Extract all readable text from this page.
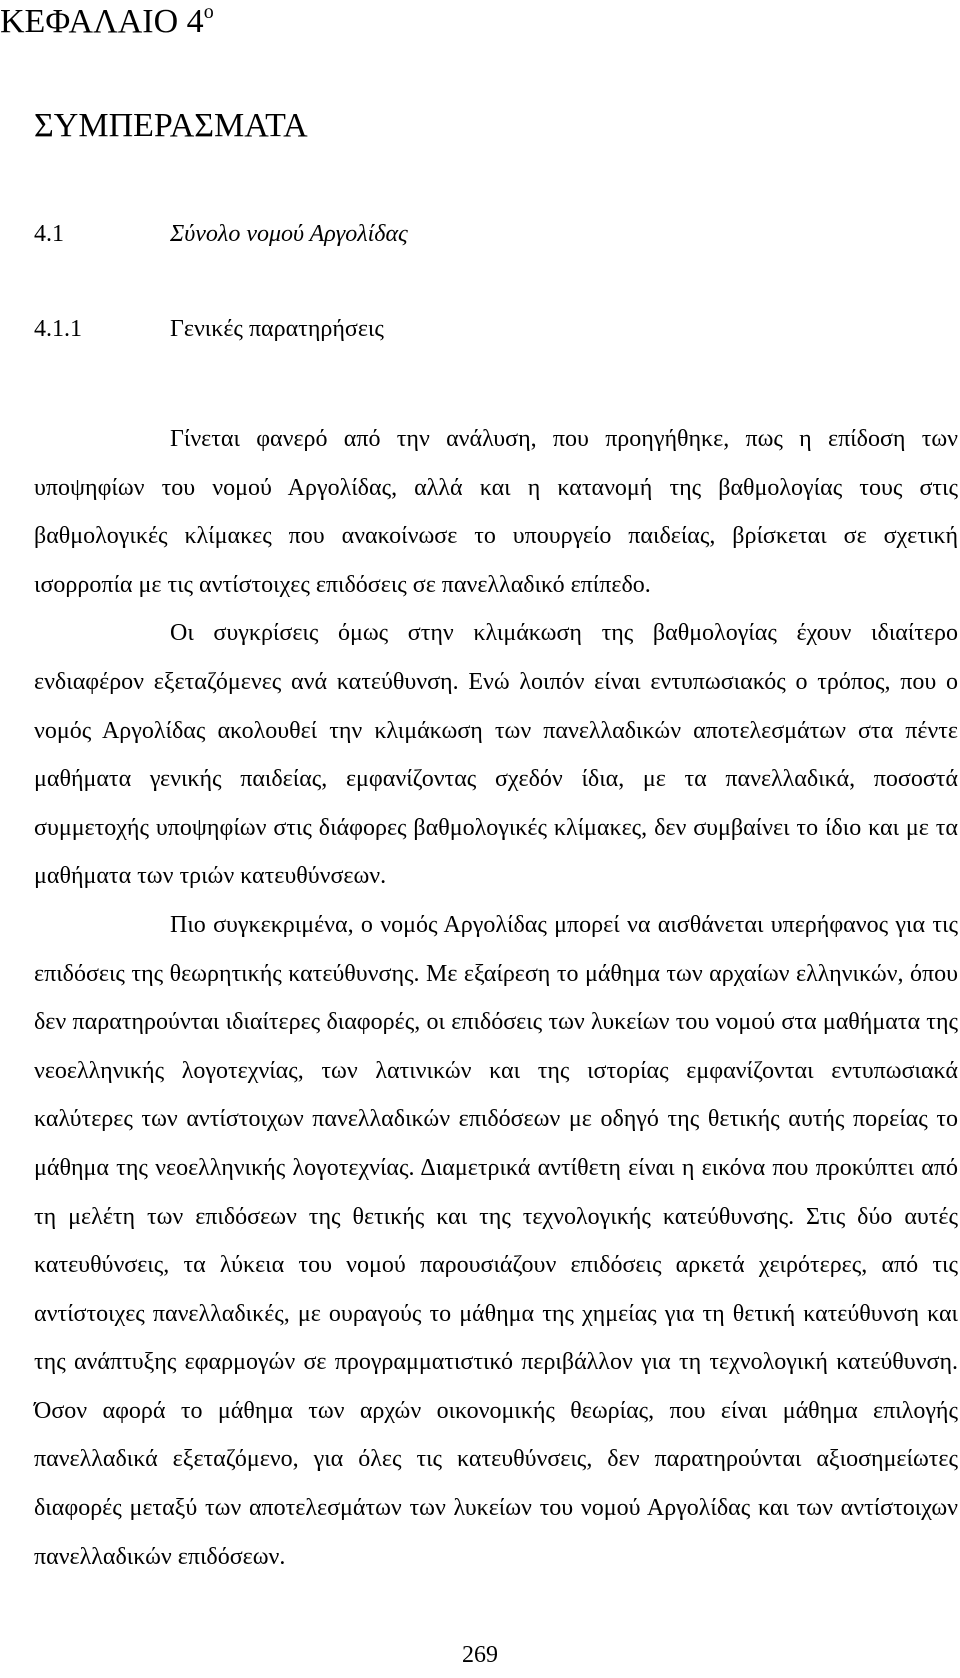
ΚΕΦΑΛΑΙΟ $4^o$
ΣΥΜΠΕΡΑΣΜΑΤΑ
4.1	Σύνολο νομού Αργολίδας
4.1.1	Γενικές παρατηρήσεις

Γίνεται φανερό από την ανάλυση, που προηγήθηκε, πως η επίδοση των υποψηφίων του νομού Αργολίδας, αλλά και η κατανομή της βαθμολογίας τους στις βαθμολογικές κλίμακες που ανακοίνωσε το υπουργείο παιδείας, βρίσκεται σε σχετική ισορροπία με τις αντίστοιχες επιδόσεις σε πανελλαδικό επίπεδο.

Οι συγκρίσεις όμως στην κλιμάκωση της βαθμολογίας έχουν ιδιαίτερο ενδιαφέρον εξεταζόμενες ανά κατεύθυνση. Ενώ λοιπόν είναι εντυπωσιακός ο τρόπος, που ο νομός Αργολίδας ακολουθεί την κλιμάκωση των πανελλαδικών αποτελεσμάτων στα πέντε μαθήματα γενικής παιδείας, εμφανίζοντας σχεδόν ίδια, με τα πανελλαδικά, ποσοστά συμμετοχής υποψηφίων στις διάφορες βαθμολογικές κλίμακες, δεν συμβαίνει το ίδιο και με τα μαθήματα των τριών κατευθύνσεων.

Πιο συγκεκριμένα, ο νομός Αργολίδας μπορεί να αισθάνεται υπερήφανος για τις επιδόσεις της θεωρητικής κατεύθυνσης. Με εξαίρεση το μάθημα των αρχαίων ελληνικών, όπου δεν παρατηρούνται ιδιαίτερες διαφορές, οι επιδόσεις των λυκείων του νομού στα μαθήματα της νεοελληνικής λογοτεχνίας, των λατινικών και της ιστορίας εμφανίζονται εντυπωσιακά καλύτερες των αντίστοιχων πανελλαδικών επιδόσεων με οδηγό της θετικής αυτής πορείας το μάθημα της νεοελληνικής λογοτεχνίας. Διαμετρικά αντίθετη είναι η εικόνα που προκύπτει από τη μελέτη των επιδόσεων της θετικής και της τεχνολογικής κατεύθυνσης. Στις δύο αυτές κατευθύνσεις, τα λύκεια του νομού παρουσιάζουν επιδόσεις αρκετά χειρότερες, από τις αντίστοιχες πανελλαδικές, με ουραγούς το μάθημα της χημείας για τη θετική κατεύθυνση και της ανάπτυξης εφαρμογών σε προγραμματιστικό περιβάλλον για τη τεχνολογική κατεύθυνση. Όσον αφορά το μάθημα των αρχών οικονομικής θεωρίας, που είναι μάθημα επιλογής πανελλαδικά εξεταζόμενο, για όλες τις κατευθύνσεις, δεν παρατηρούνται αξιοσημείωτες διαφορές μεταξύ των αποτελεσμάτων των λυκείων του νομού Αργολίδας και των αντίστοιχων πανελλαδικών επιδόσεων.

269
